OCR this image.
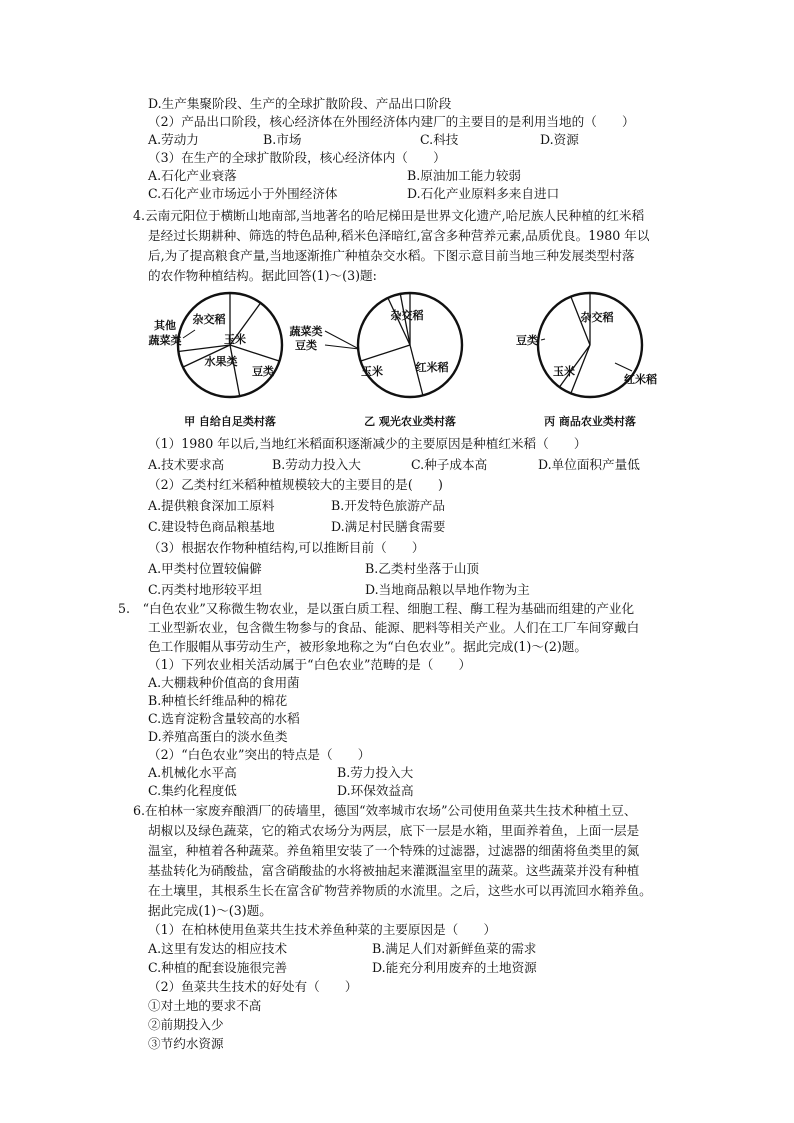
D.生产集聚阶段、生产的全球扩散阶段、产品出口阶段
（2）产品出口阶段，核心经济体在外围经济体内建厂的主要目的是利用当地的（　　）
A.劳动力	B.市场	C.科技	D.资源
（3）在生产的全球扩散阶段，核心经济体内（　　）
A.石化产业衰落	B.原油加工能力较弱
C.石化产业市场远小于外围经济体	D.石化产业原料多来自进口
4.云南元阳位于横断山地南部,当地著名的哈尼梯田是世界文化遗产,哈尼族人民种植的红米稻
是经过长期耕种、筛选的特色品种,稻米色泽暗红,富含多种营养元素,品质优良。1980 年以
后,为了提高粮食产量,当地逐渐推广种植杂交水稻。下图示意目前当地三种发展类型村落
的农作物种植结构。据此回答(1)～(3)题:
玉米
豆类
水果类
其他
蔬菜类
杂交稻
甲 自给自足类村落
杂交稻
红米稻
玉米
豆类
蔬菜类
乙 观光农业类村落
杂交稻
红米稻
玉米
豆类
丙 商品农业类村落
（1）1980 年以后,当地红米稻面积逐渐减少的主要原因是种植红米稻（　　）
A.技术要求高	B.劳动力投入大	C.种子成本高	D.单位面积产量低
（2）乙类村红米稻种植规模较大的主要目的是(　　)
A.提供粮食深加工原料	B.开发特色旅游产品
C.建设特色商品粮基地	D.满足村民膳食需要
（3）根据农作物种植结构,可以推断目前（　　）
A.甲类村位置较偏僻	B.乙类村坐落于山顶
C.丙类村地形较平坦	D.当地商品粮以旱地作物为主
5.　“白色农业”又称微生物农业，是以蛋白质工程、细胞工程、酶工程为基础而组建的产业化
工业型新农业，包含微生物参与的食品、能源、肥料等相关产业。人们在工厂车间穿戴白
色工作服帽从事劳动生产，被形象地称之为“白色农业”。据此完成(1)～(2)题。
（1）下列农业相关活动属于“白色农业”范畴的是（　　）
A.大棚栽种价值高的食用菌
B.种植长纤维品种的棉花
C.选育淀粉含量较高的水稻
D.养殖高蛋白的淡水鱼类
（2）“白色农业”突出的特点是（　　）
A.机械化水平高	B.劳力投入大
C.集约化程度低	D.环保效益高
6.在柏林一家废弃酿酒厂的砖墙里，德国“效率城市农场”公司使用鱼菜共生技术种植土豆、
胡椒以及绿色蔬菜，它的箱式农场分为两层，底下一层是水箱，里面养着鱼，上面一层是
温室，种植着各种蔬菜。养鱼箱里安装了一个特殊的过滤器，过滤器的细菌将鱼类里的氮
基盐转化为硝酸盐，富含硝酸盐的水将被抽起来灌溉温室里的蔬菜。这些蔬菜并没有种植
在土壤里，其根系生长在富含矿物营养物质的水流里。之后，这些水可以再流回水箱养鱼。
据此完成(1)～(3)题。
（1）在柏林使用鱼菜共生技术养鱼种菜的主要原因是（　　）
A.这里有发达的相应技术	B.满足人们对新鲜鱼菜的需求
C.种植的配套设施很完善	D.能充分利用废弃的土地资源
（2）鱼菜共生技术的好处有（　　）
①对土地的要求不高
②前期投入少
③节约水资源
